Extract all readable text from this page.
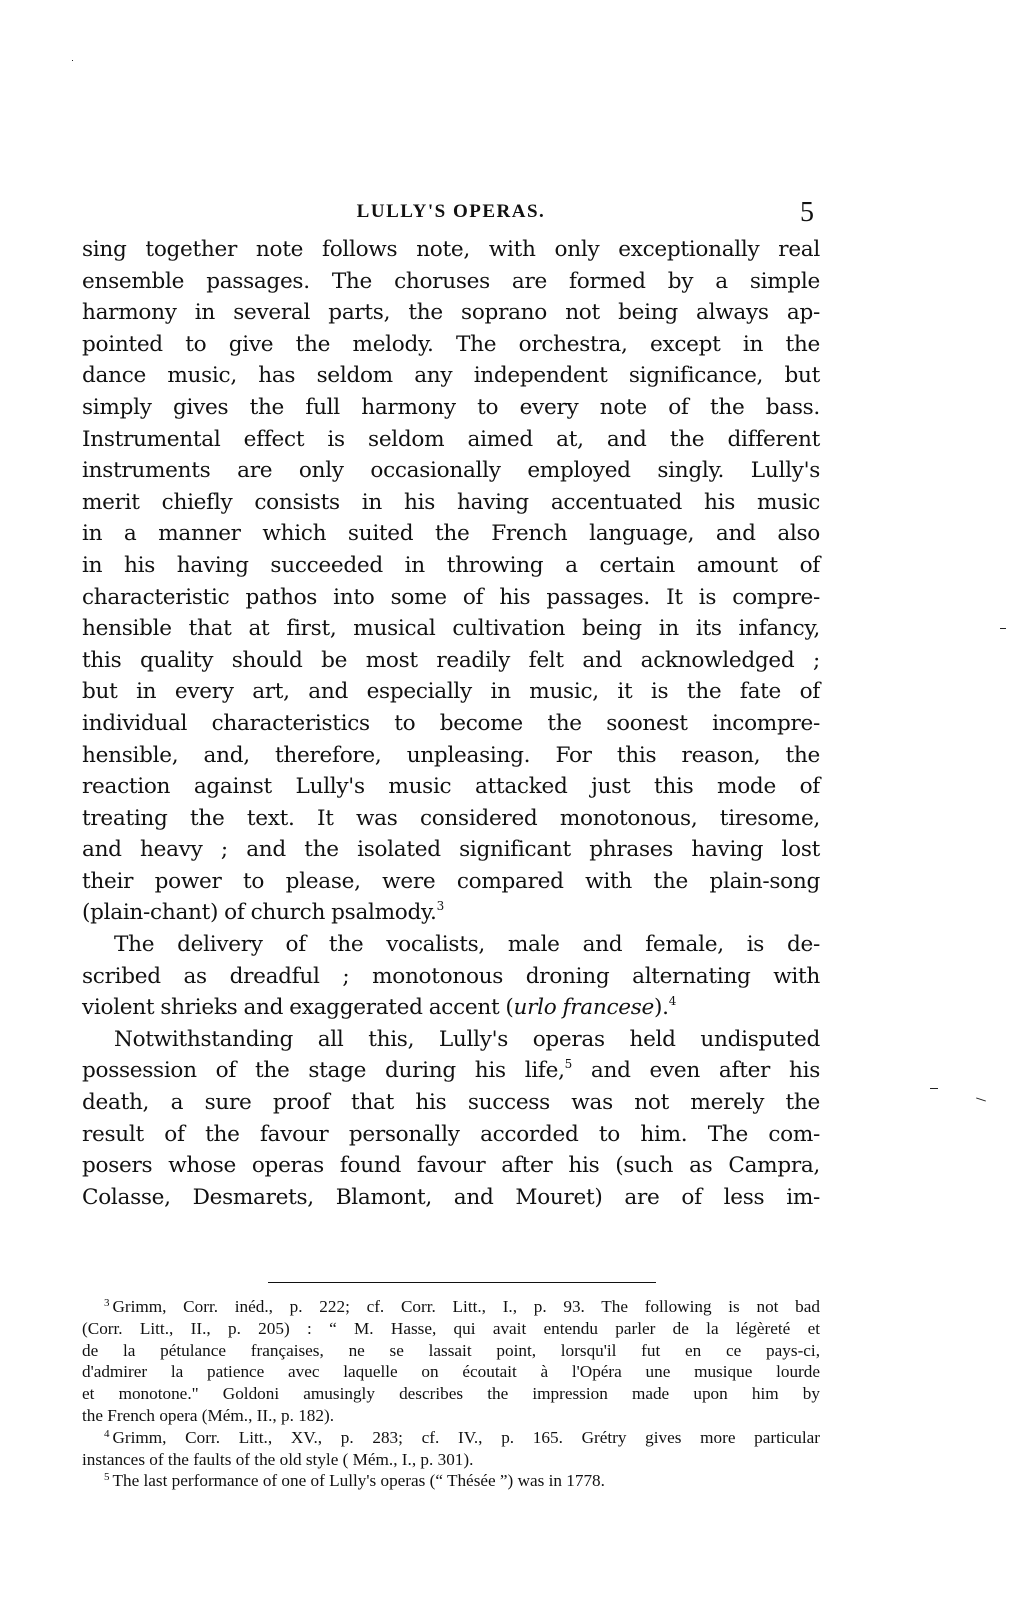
LULLY'S OPERAS.	5
sing together note follows note, with only exceptionally real
ensemble passages. The choruses are formed by a simple
harmony in several parts, the soprano not being always ap-
pointed to give the melody. The orchestra, except in the
dance music, has seldom any independent significance, but
simply gives the full harmony to every note of the bass.
Instrumental effect is seldom aimed at, and the different
instruments are only occasionally employed singly. Lully's
merit chiefly consists in his having accentuated his music
in a manner which suited the French language, and also
in his having succeeded in throwing a certain amount of
characteristic pathos into some of his passages. It is compre-
hensible that at first, musical cultivation being in its infancy,
this quality should be most readily felt and acknowledged ;
but in every art, and especially in music, it is the fate of
individual characteristics to become the soonest incompre-
hensible, and, therefore, unpleasing. For this reason, the
reaction against Lully's music attacked just this mode of
treating the text. It was considered monotonous, tiresome,
and heavy ; and the isolated significant phrases having lost
their power to please, were compared with the plain-song
(plain-chant) of church psalmody.$^3$
The delivery of the vocalists, male and female, is de-
scribed as dreadful ; monotonous droning alternating with
violent shrieks and exaggerated accent (urlo francese).$^4$
Notwithstanding all this, Lully's operas held undisputed
possession of the stage during his life,$^5$ and even after his
death, a sure proof that his success was not merely the
result of the favour personally accorded to him. The com-
posers whose operas found favour after his (such as Campra,
Colasse, Desmarets, Blamont, and Mouret) are of less im-
$^3$ Grimm, Corr. inéd., p. 222; cf. Corr. Litt., I., p. 93. The following is not bad
(Corr. Litt., II., p. 205) : “ M. Hasse, qui avait entendu parler de la légèreté et
de la pétulance françaises, ne se lassait point, lorsqu'il fut en ce pays-ci,
d'admirer la patience avec laquelle on écoutait à l'Opéra une musique lourde
et monotone." Goldoni amusingly describes the impression made upon him by
the French opera (Mém., II., p. 182).
$^4$ Grimm, Corr. Litt., XV., p. 283; cf. IV., p. 165. Grétry gives more particular
instances of the faults of the old style ( Mém., I., p. 301).
$^5$ The last performance of one of Lully's operas (“ Thésée ”) was in 1778.
